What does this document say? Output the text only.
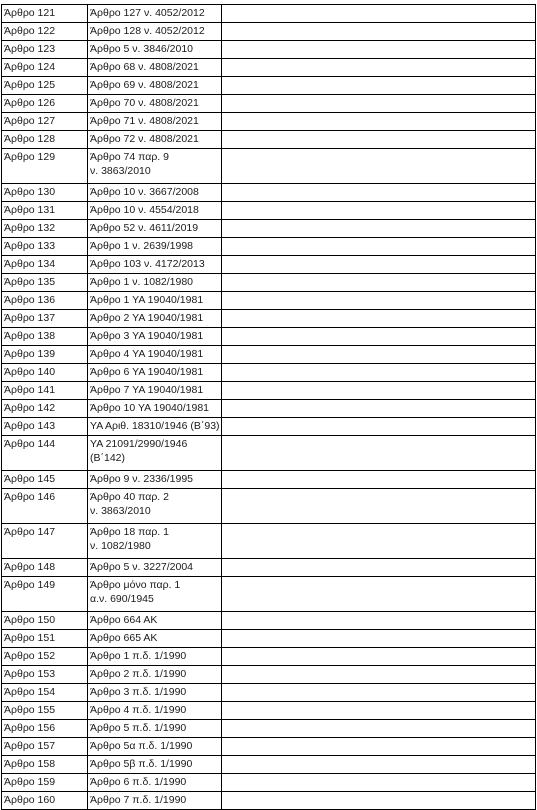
Άρθρο 121	Άρθρο 127 ν. 4052/2012	

Άρθρο 122	Άρθρο 128 ν. 4052/2012	

Άρθρο 123	Άρθρο 5 ν. 3846/2010	

Άρθρο 124	Άρθρο 68 ν. 4808/2021	

Άρθρο 125	Άρθρο 69 ν. 4808/2021	

Άρθρο 126	Άρθρο 70 ν. 4808/2021	

Άρθρο 127	Άρθρο 71 ν. 4808/2021	

Άρθρο 128	Άρθρο 72 ν. 4808/2021	

Άρθρο 129	Άρθρο 74 παρ. 9
ν. 3863/2010	

Άρθρο 130	Άρθρο 10 ν. 3667/2008	

Άρθρο 131	Άρθρο 10 ν. 4554/2018	

Άρθρο 132	Άρθρο 52 ν. 4611/2019	

Άρθρο 133	Άρθρο 1 ν. 2639/1998	

Άρθρο 134	Άρθρο 103 ν. 4172/2013	

Άρθρο 135	Άρθρο 1 ν. 1082/1980	

Άρθρο 136	Άρθρο 1 ΥΑ 19040/1981	

Άρθρο 137	Άρθρο 2 ΥΑ 19040/1981	

Άρθρο 138	Άρθρο 3 ΥΑ 19040/1981	

Άρθρο 139	Άρθρο 4 ΥΑ 19040/1981	

Άρθρο 140	Άρθρο 6 ΥΑ 19040/1981	

Άρθρο 141	Άρθρο 7 ΥΑ 19040/1981	

Άρθρο 142	Άρθρο 10 ΥΑ 19040/1981	

Άρθρο 143	ΥΑ Αριθ. 18310/1946 (Β΄93)	

Άρθρο 144	ΥΑ 21091/2990/1946
(Β΄142)	

Άρθρο 145	Άρθρο 9 ν. 2336/1995	

Άρθρο 146	Άρθρο 40 παρ. 2
ν. 3863/2010	

Άρθρο 147	Άρθρο 18 παρ. 1
ν. 1082/1980	

Άρθρο 148	Άρθρο 5 ν. 3227/2004	

Άρθρο 149	Άρθρο μόνο παρ. 1
α.ν. 690/1945	

Άρθρο 150	Άρθρο 664 ΑΚ	

Άρθρο 151	Άρθρο 665 ΑΚ	

Άρθρο 152	Άρθρο 1 π.δ. 1/1990	

Άρθρο 153	Άρθρο 2 π.δ. 1/1990	

Άρθρο 154	Άρθρο 3 π.δ. 1/1990	

Άρθρο 155	Άρθρο 4 π.δ. 1/1990	

Άρθρο 156	Άρθρο 5 π.δ. 1/1990	

Άρθρο 157	Άρθρο 5α π.δ. 1/1990	

Άρθρο 158	Άρθρο 5β π.δ. 1/1990	

Άρθρο 159	Άρθρο 6 π.δ. 1/1990	

Άρθρο 160	Άρθρο 7 π.δ. 1/1990	
